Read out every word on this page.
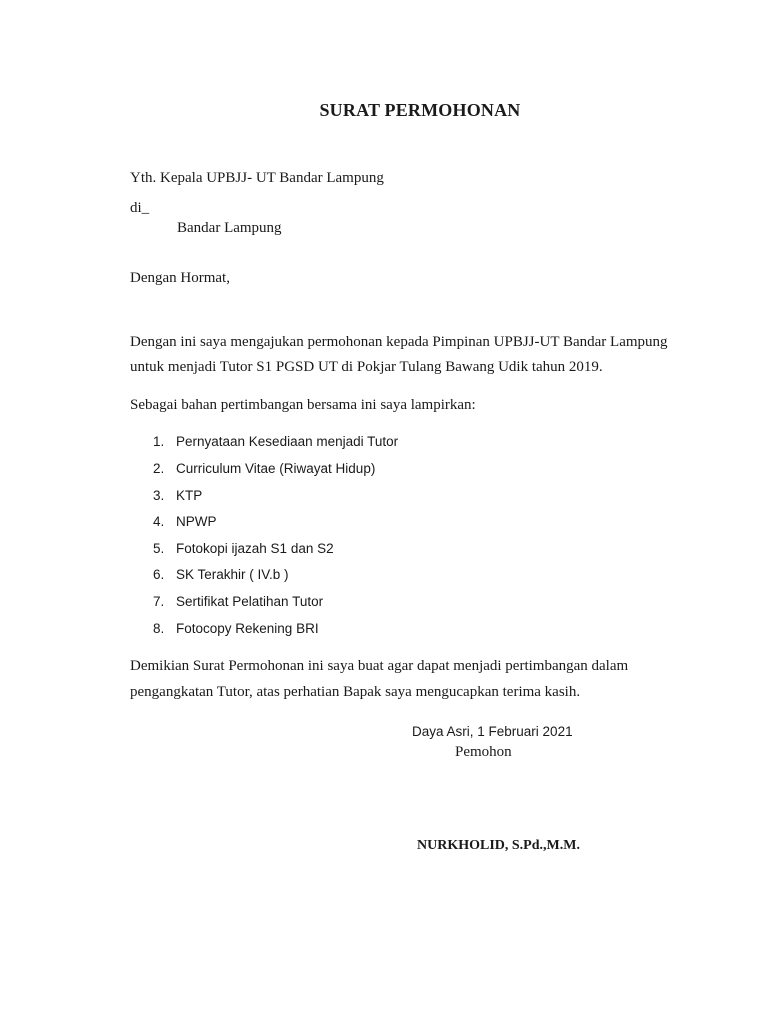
SURAT PERMOHONAN
Yth. Kepala UPBJJ- UT Bandar Lampung
di_
Bandar Lampung
Dengan Hormat,
Dengan ini saya mengajukan permohonan kepada Pimpinan UPBJJ-UT Bandar Lampung
untuk menjadi Tutor S1 PGSD UT di Pokjar Tulang Bawang Udik tahun 2019.
Sebagai bahan pertimbangan bersama ini saya lampirkan:
1. Pernyataan Kesediaan menjadi Tutor
2. Curriculum Vitae (Riwayat Hidup)
3. KTP
4. NPWP
5. Fotokopi ijazah S1 dan S2
6. SK Terakhir ( IV.b )
7. Sertifikat Pelatihan Tutor
8. Fotocopy Rekening BRI
Demikian Surat Permohonan ini saya buat agar dapat menjadi pertimbangan dalam
pengangkatan Tutor, atas perhatian Bapak saya mengucapkan terima kasih.
Daya Asri, 1 Februari 2021
Pemohon
NURKHOLID, S.Pd.,M.M.
